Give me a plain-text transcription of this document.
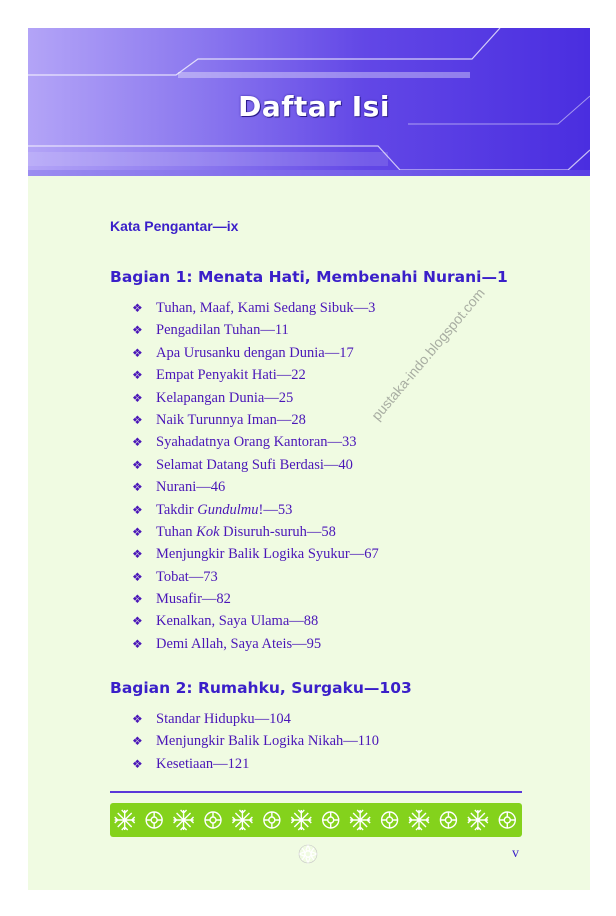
Daftar Isi
pustaka-indo.blogspot.com
Kata Pengantar—ix
Bagian 1: Menata Hati, Membenahi Nurani—1
❖ Tuhan, Maaf, Kami Sedang Sibuk—3
❖ Pengadilan Tuhan—11
❖ Apa Urusanku dengan Dunia—17
❖ Empat Penyakit Hati—22
❖ Kelapangan Dunia—25
❖ Naik Turunnya Iman—28
❖ Syahadatnya Orang Kantoran—33
❖ Selamat Datang Sufi Berdasi—40
❖ Nurani—46
❖ Takdir Gundulmu!—53
❖ Tuhan Kok Disuruh-suruh—58
❖ Menjungkir Balik Logika Syukur—67
❖ Tobat—73
❖ Musafir—82
❖ Kenalkan, Saya Ulama—88
❖ Demi Allah, Saya Ateis—95
Bagian 2: Rumahku, Surgaku—103
❖ Standar Hidupku—104
❖ Menjungkir Balik Logika Nikah—110
❖ Kesetiaan—121
v
